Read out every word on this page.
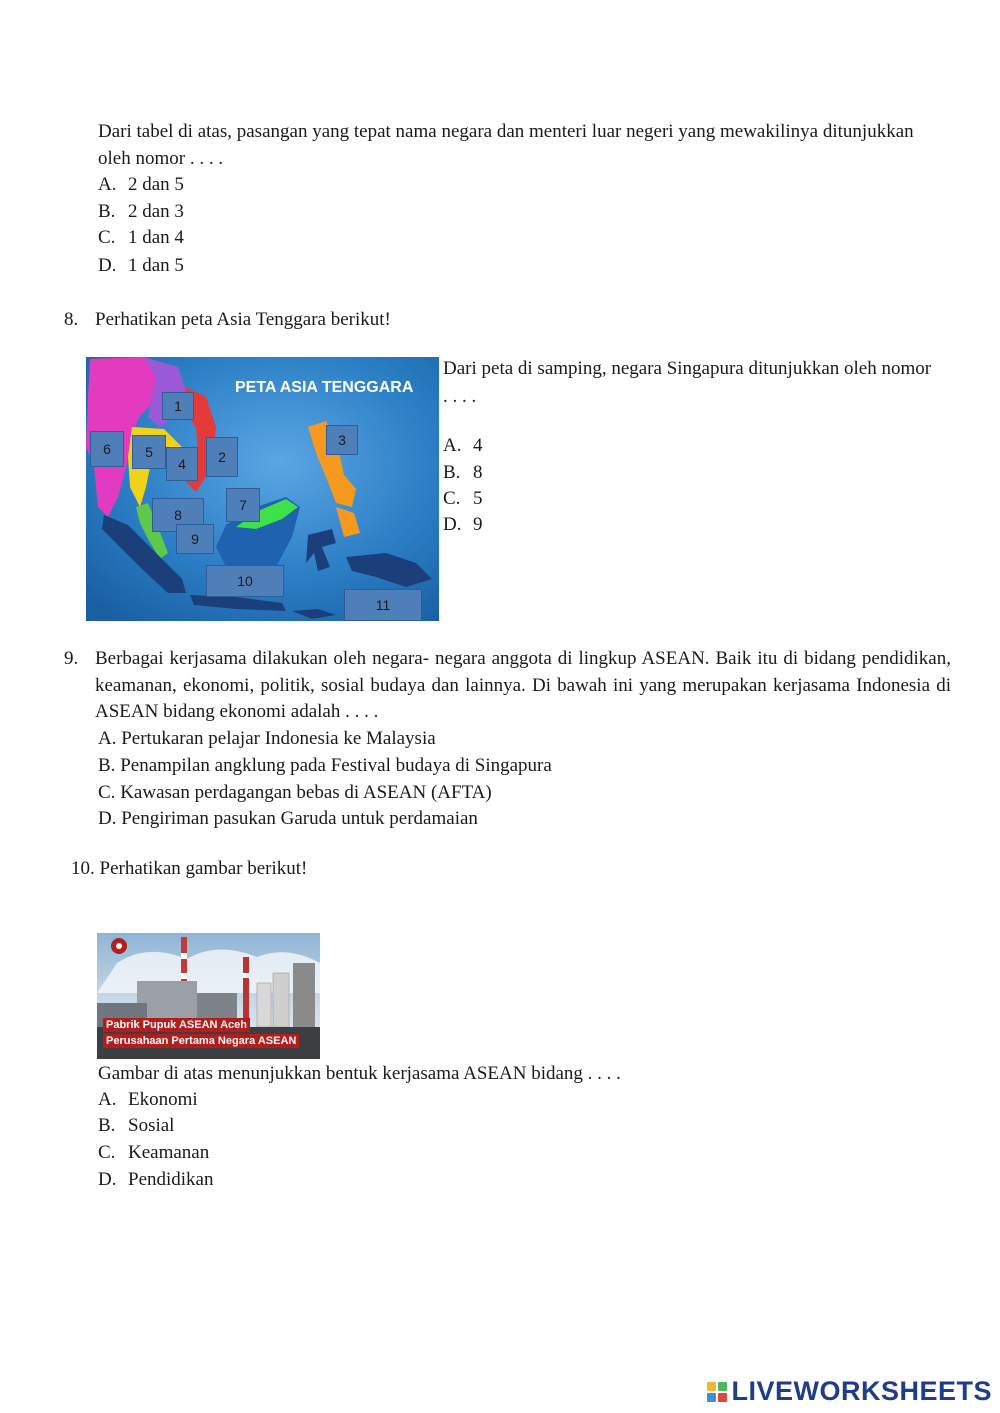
Dari tabel di atas, pasangan yang tepat nama negara dan menteri luar negeri yang mewakilinya ditunjukkan
oleh nomor . . . .
A. 2 dan 5
B. 2 dan 3
C. 1 dan 4
D. 1 dan 5
8. Perhatikan peta Asia Tenggara berikut!
PETA ASIA TENGGARA
1
2
3
4
5
6
7
8
9
10
11
Dari peta di samping, negara Singapura ditunjukkan oleh nomor
. . . .
A. 4
B. 8
C. 5
D. 9
9. Berbagai kerjasama dilakukan oleh negara- negara anggota di lingkup ASEAN. Baik itu di bidang pendidikan, keamanan, ekonomi, politik, sosial budaya dan lainnya. Di bawah ini yang merupakan kerjasama Indonesia di ASEAN bidang ekonomi adalah . . . .
A. Pertukaran pelajar Indonesia ke Malaysia
B. Penampilan angklung pada Festival budaya di Singapura
C. Kawasan perdagangan bebas di ASEAN (AFTA)
D. Pengiriman pasukan Garuda untuk perdamaian
10. Perhatikan gambar berikut!
Pabrik Pupuk ASEAN Aceh
Perusahaan Pertama Negara ASEAN
Gambar di atas menunjukkan bentuk kerjasama ASEAN bidang . . . .
A. Ekonomi
B. Sosial
C. Keamanan
D. Pendidikan
LIVEWORKSHEETS
